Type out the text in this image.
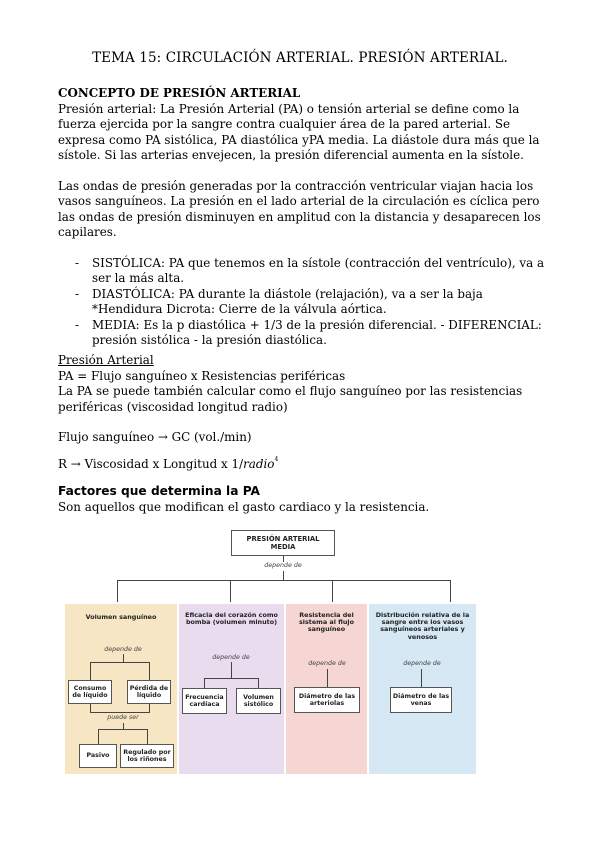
TEMA 15: CIRCULACIÓN ARTERIAL. PRESIÓN ARTERIAL.
CONCEPTO DE PRESIÓN ARTERIAL
Presión arterial: La Presión Arterial (PA) o tensión arterial se define como la fuerza ejercida por la sangre contra cualquier área de la pared arterial. Se expresa como PA sistólica, PA diastólica yPA media. La diástole dura más que la sístole. Si las arterias envejecen, la presión diferencial aumenta en la sístole.
Las ondas de presión generadas por la contracción ventricular viajan hacia los vasos sanguíneos. La presión en el lado arterial de la circulación es cíclica pero las ondas de presión disminuyen en amplitud con la distancia y desaparecen los capilares.
- SISTÓLICA: PA que tenemos en la sístole (contracción del ventrículo), va a ser la más alta.
- DIASTÓLICA: PA durante la diástole (relajación), va a ser la baja *Hendidura Dicrota: Cierre de la válvula aórtica.
- MEDIA: Es la p diastólica + 1/3 de la presión diferencial. - DIFERENCIAL: presión sistólica - la presión diastólica.
Presión Arterial
PA = Flujo sanguíneo x Resistencias periféricas
La PA se puede también calcular como el flujo sanguíneo por las resistencias periféricas (viscosidad longitud radio)
Flujo sanguíneo → GC (vol./min)
R → Viscosidad x Longitud x 1/radio$^4$
Factores que determina la PA
Son aquellos que modifican el gasto cardiaco y la resistencia.
PRESIÓN ARTERIAL MEDIA
depende de
Volumen sanguíneo
depende de
Consumo de líquido
Pérdida de líquido
puede ser
Pasivo
Regulado por los riñones
Eficacia del corazón como bomba (volumen minuto)
depende de
Frecuencia cardíaca
Volumen sistólico
Resistencia del sistema al flujo sanguíneo
depende de
Diámetro de las arteriolas
Distribución relativa de la sangre entre los vasos sanguíneos arteriales y venosos
depende de
Diámetro de las venas
